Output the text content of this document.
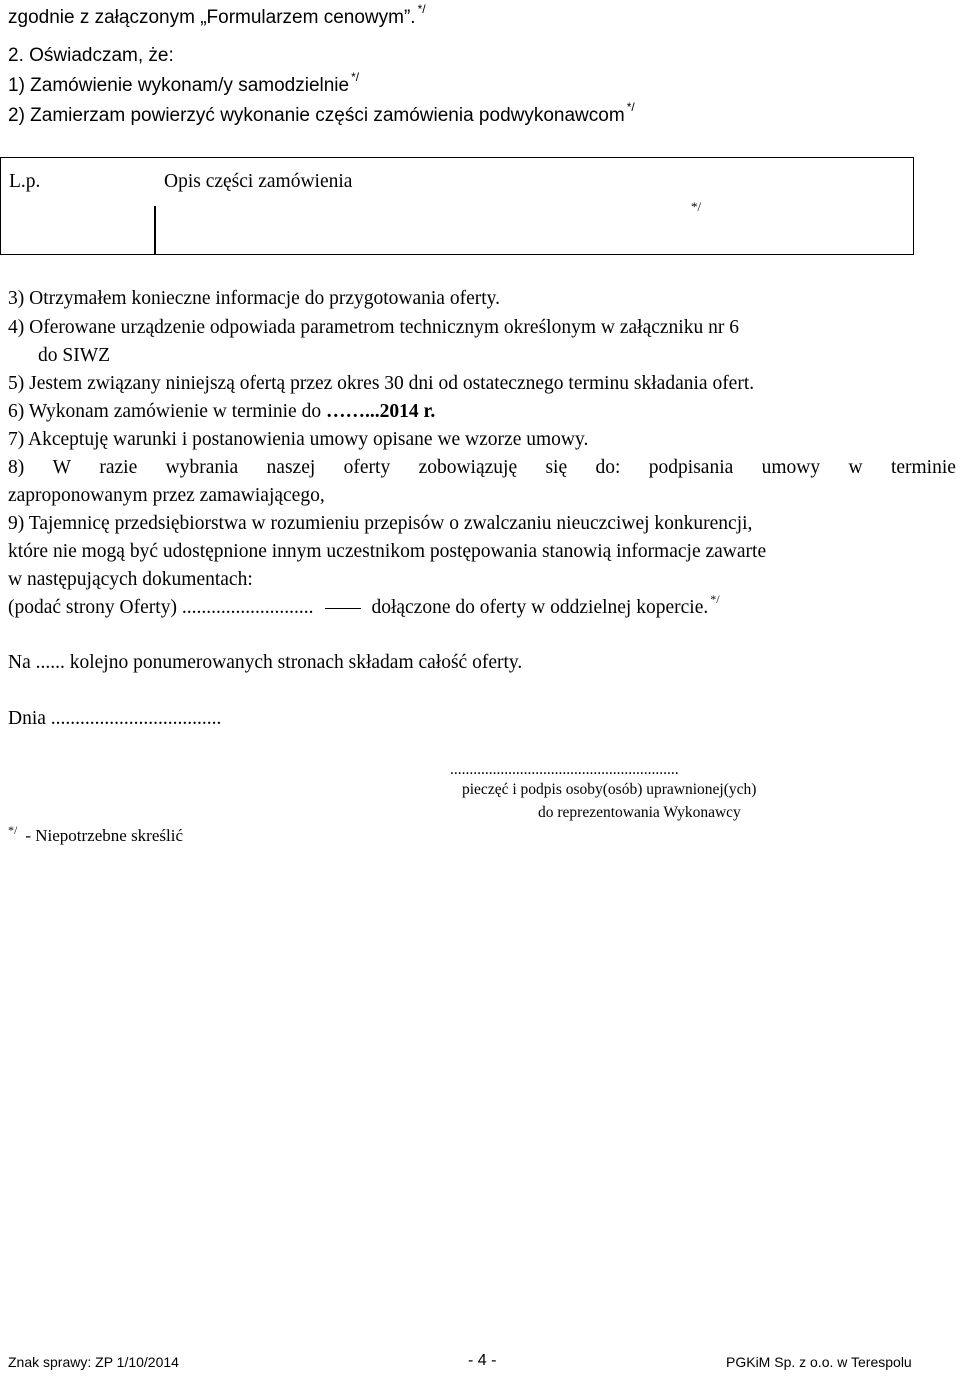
zgodnie z załączonym „Formularzem cenowym”. */
2. Oświadczam, że:
1) Zamówienie wykonam/y samodzielnie */
2) Zamierzam powierzyć wykonanie części zamówienia podwykonawcom */
L.p.	Opis części zamówienia
*/
3) Otrzymałem konieczne informacje do przygotowania oferty.
4) Oferowane urządzenie odpowiada parametrom technicznym określonym w załączniku nr 6
do SIWZ
5) Jestem związany niniejszą ofertą przez okres 30 dni od ostatecznego terminu składania ofert.
6) Wykonam zamówienie w terminie do ……...2014 r.
7) Akceptuję warunki i postanowienia umowy opisane we wzorze umowy.
8) W razie wybrania naszej oferty zobowiązuję się do: podpisania umowy w terminie
zaproponowanym przez zamawiającego,
9) Tajemnicę przedsiębiorstwa w rozumieniu przepisów o zwalczaniu nieuczciwej konkurencji,
które nie mogą być udostępnione innym uczestnikom postępowania stanowią informacje zawarte
w następujących dokumentach:
(podać strony Oferty) ...........................	dołączone do oferty w oddzielnej kopercie. */
Na ...... kolejno ponumerowanych stronach składam całość oferty.
Dnia ...................................
...........................................................
pieczęć i podpis osoby(osób) uprawnionej(ych)
do reprezentowania Wykonawcy
*/ - Niepotrzebne skreślić
Znak sprawy: ZP 1/10/2014	- 4 -	PGKiM Sp. z o.o. w Terespolu
